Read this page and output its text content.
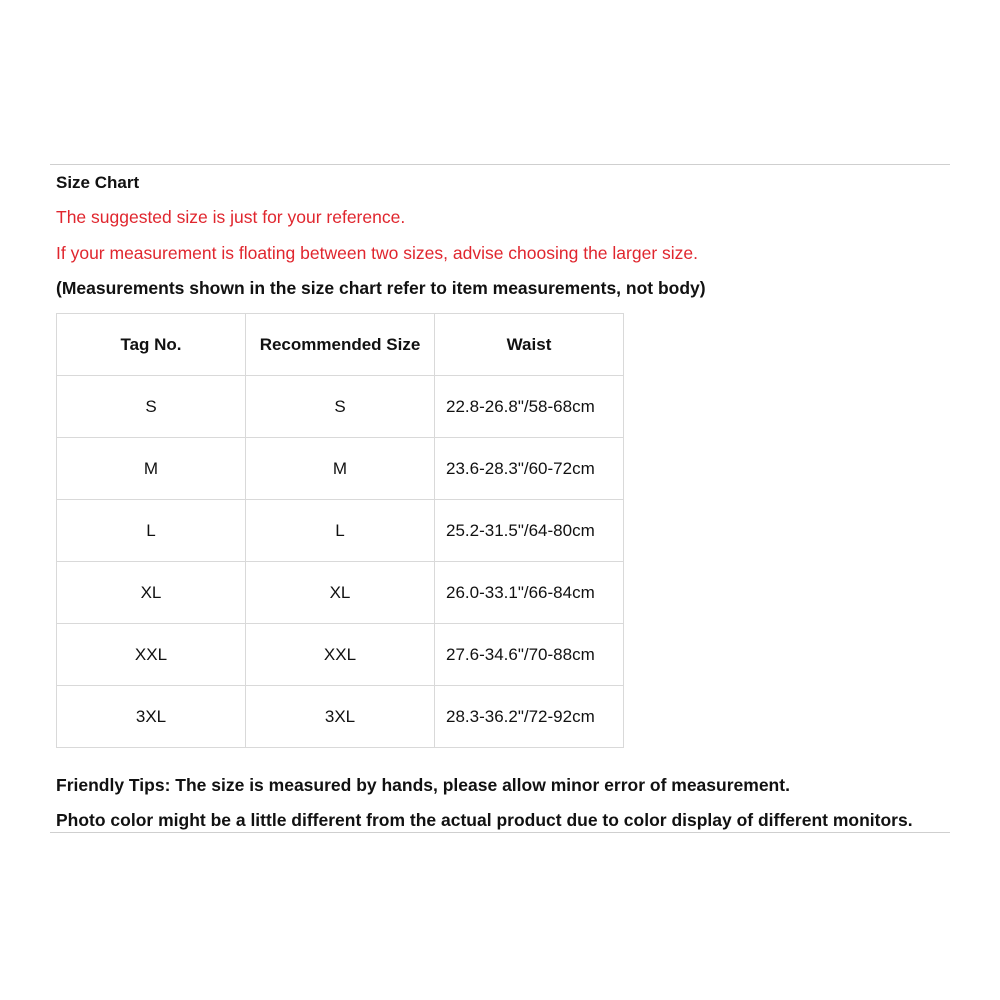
Size Chart
The suggested size is just for your reference.
If your measurement is floating between two sizes, advise choosing the larger size.
(Measurements shown in the size chart refer to item measurements, not body)
Tag No.	Recommended Size	Waist
S	S	22.8-26.8"/58-68cm
M	M	23.6-28.3"/60-72cm
L	L	25.2-31.5"/64-80cm
XL	XL	26.0-33.1"/66-84cm
XXL	XXL	27.6-34.6"/70-88cm
3XL	3XL	28.3-36.2"/72-92cm
Friendly Tips: The size is measured by hands, please allow minor error of measurement.
Photo color might be a little different from the actual product due to color display of different monitors.
